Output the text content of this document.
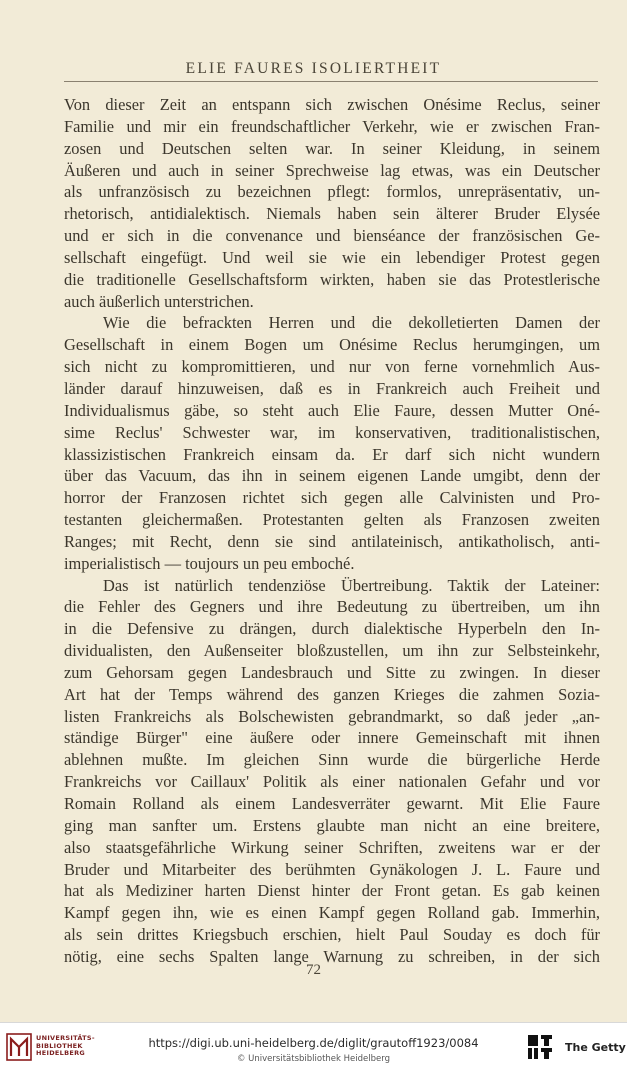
ELIE FAURES ISOLIERTHEIT
Von dieser Zeit an entspann sich zwischen Onésime Reclus, seiner
Familie und mir ein freundschaftlicher Verkehr, wie er zwischen Fran-
zosen und Deutschen selten war. In seiner Kleidung, in seinem
Äußeren und auch in seiner Sprechweise lag etwas, was ein Deutscher
als unfranzösisch zu bezeichnen pflegt: formlos, unrepräsentativ, un-
rhetorisch, antidialektisch. Niemals haben sein älterer Bruder Elysée
und er sich in die convenance und bienséance der französischen Ge-
sellschaft eingefügt. Und weil sie wie ein lebendiger Protest gegen
die traditionelle Gesellschaftsform wirkten, haben sie das Protestlerische
auch äußerlich unterstrichen.
Wie die befrackten Herren und die dekolletierten Damen der
Gesellschaft in einem Bogen um Onésime Reclus herumgingen, um
sich nicht zu kompromittieren, und nur von ferne vornehmlich Aus-
länder darauf hinzuweisen, daß es in Frankreich auch Freiheit und
Individualismus gäbe, so steht auch Elie Faure, dessen Mutter Oné-
sime Reclus' Schwester war, im konservativen, traditionalistischen,
klassizistischen Frankreich einsam da. Er darf sich nicht wundern
über das Vacuum, das ihn in seinem eigenen Lande umgibt, denn der
horror der Franzosen richtet sich gegen alle Calvinisten und Pro-
testanten gleichermaßen. Protestanten gelten als Franzosen zweiten
Ranges; mit Recht, denn sie sind antilateinisch, antikatholisch, anti-
imperialistisch — toujours un peu emboché.
Das ist natürlich tendenziöse Übertreibung. Taktik der Lateiner:
die Fehler des Gegners und ihre Bedeutung zu übertreiben, um ihn
in die Defensive zu drängen, durch dialektische Hyperbeln den In-
dividualisten, den Außenseiter bloßzustellen, um ihn zur Selbsteinkehr,
zum Gehorsam gegen Landesbrauch und Sitte zu zwingen. In dieser
Art hat der Temps während des ganzen Krieges die zahmen Sozia-
listen Frankreichs als Bolschewisten gebrandmarkt, so daß jeder „an-
ständige Bürger" eine äußere oder innere Gemeinschaft mit ihnen
ablehnen mußte. Im gleichen Sinn wurde die bürgerliche Herde
Frankreichs vor Caillaux' Politik als einer nationalen Gefahr und vor
Romain Rolland als einem Landesverräter gewarnt. Mit Elie Faure
ging man sanfter um. Erstens glaubte man nicht an eine breitere,
also staatsgefährliche Wirkung seiner Schriften, zweitens war er der
Bruder und Mitarbeiter des berühmten Gynäkologen J. L. Faure und
hat als Mediziner harten Dienst hinter der Front getan. Es gab keinen
Kampf gegen ihn, wie es einen Kampf gegen Rolland gab. Immerhin,
als sein drittes Kriegsbuch erschien, hielt Paul Souday es doch für
nötig, eine sechs Spalten lange Warnung zu schreiben, in der sich
72
UNIVERSITÄTS-
BIBLIOTHEK
HEIDELBERG
https://digi.ub.uni-heidelberg.de/diglit/grautoff1923/0084
© Universitätsbibliothek Heidelberg
The Getty
